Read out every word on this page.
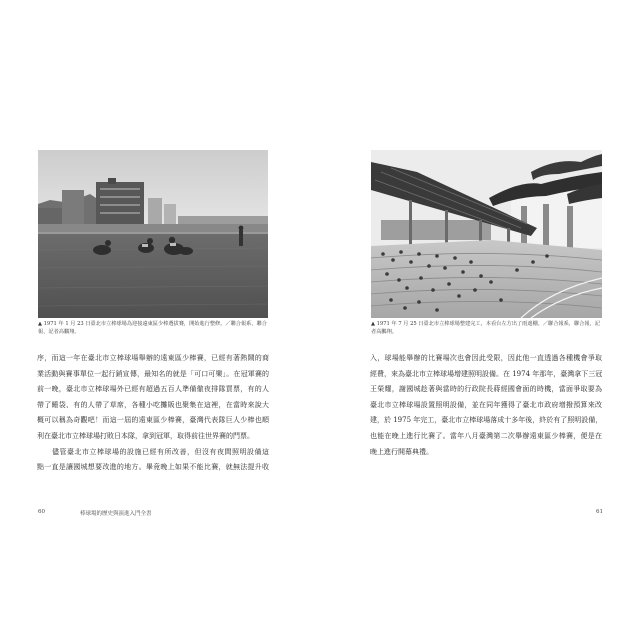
▲ 1971 年 1 月 23 日臺北市立棒球場為迎接遠東區少棒選拔賽，開始進行整修。／聯合報系，聯合
報，記者高鵬翔。
序，而這一年在臺北市立棒球場舉辦的遠東區少棒賽，已經有著熱鬧的商
業活動與賽事單位一起行銷宣傳，最知名的就是「可口可樂」。在冠軍賽的
前一晚，臺北市立棒球場外已經有超過五百人準備徹夜排隊買票，有的人
帶了睡袋、有的人帶了草席，各種小吃攤販也聚集在這裡，在當時來說大
概可以稱為奇觀吧！而這一屆的遠東區少棒賽，臺灣代表隊巨人少棒也順
利在臺北市立棒球場打敗日本隊，拿到冠軍，取得前往世界賽的門票。
　　儘管臺北市立棒球場的設施已經有所改善，但沒有夜間照明設備這
點一直是讓國城想要改進的地方。畢竟晚上如果不能比賽，就無法提升收
60	棒球場的歷史與演進入門全書
▲ 1971 年 7 月 25 日臺北市立棒球場整建完工，本看台左方出了雨遮棚。／聯合報系，聯合報，記
者高鵬翔。
入，球場能舉辦的比賽場次也會因此受限，因此他一直透過各種機會爭取
經費，來為臺北市立棒球場增建照明設備。在 1974 年那年，臺灣拿下三冠
王榮耀，謝國城趁著與當時的行政院長蔣經國會面的時機，當面爭取要為
臺北市立棒球場設置照明設備，並在同年獲得了臺北市政府增撥預算來改
建，於 1975 年完工，臺北市立棒球場落成十多年後，終於有了照明設備，
也能在晚上進行比賽了。當年八月臺灣第二次舉辦遠東區少棒賽，便是在
晚上進行開幕典禮。
61
